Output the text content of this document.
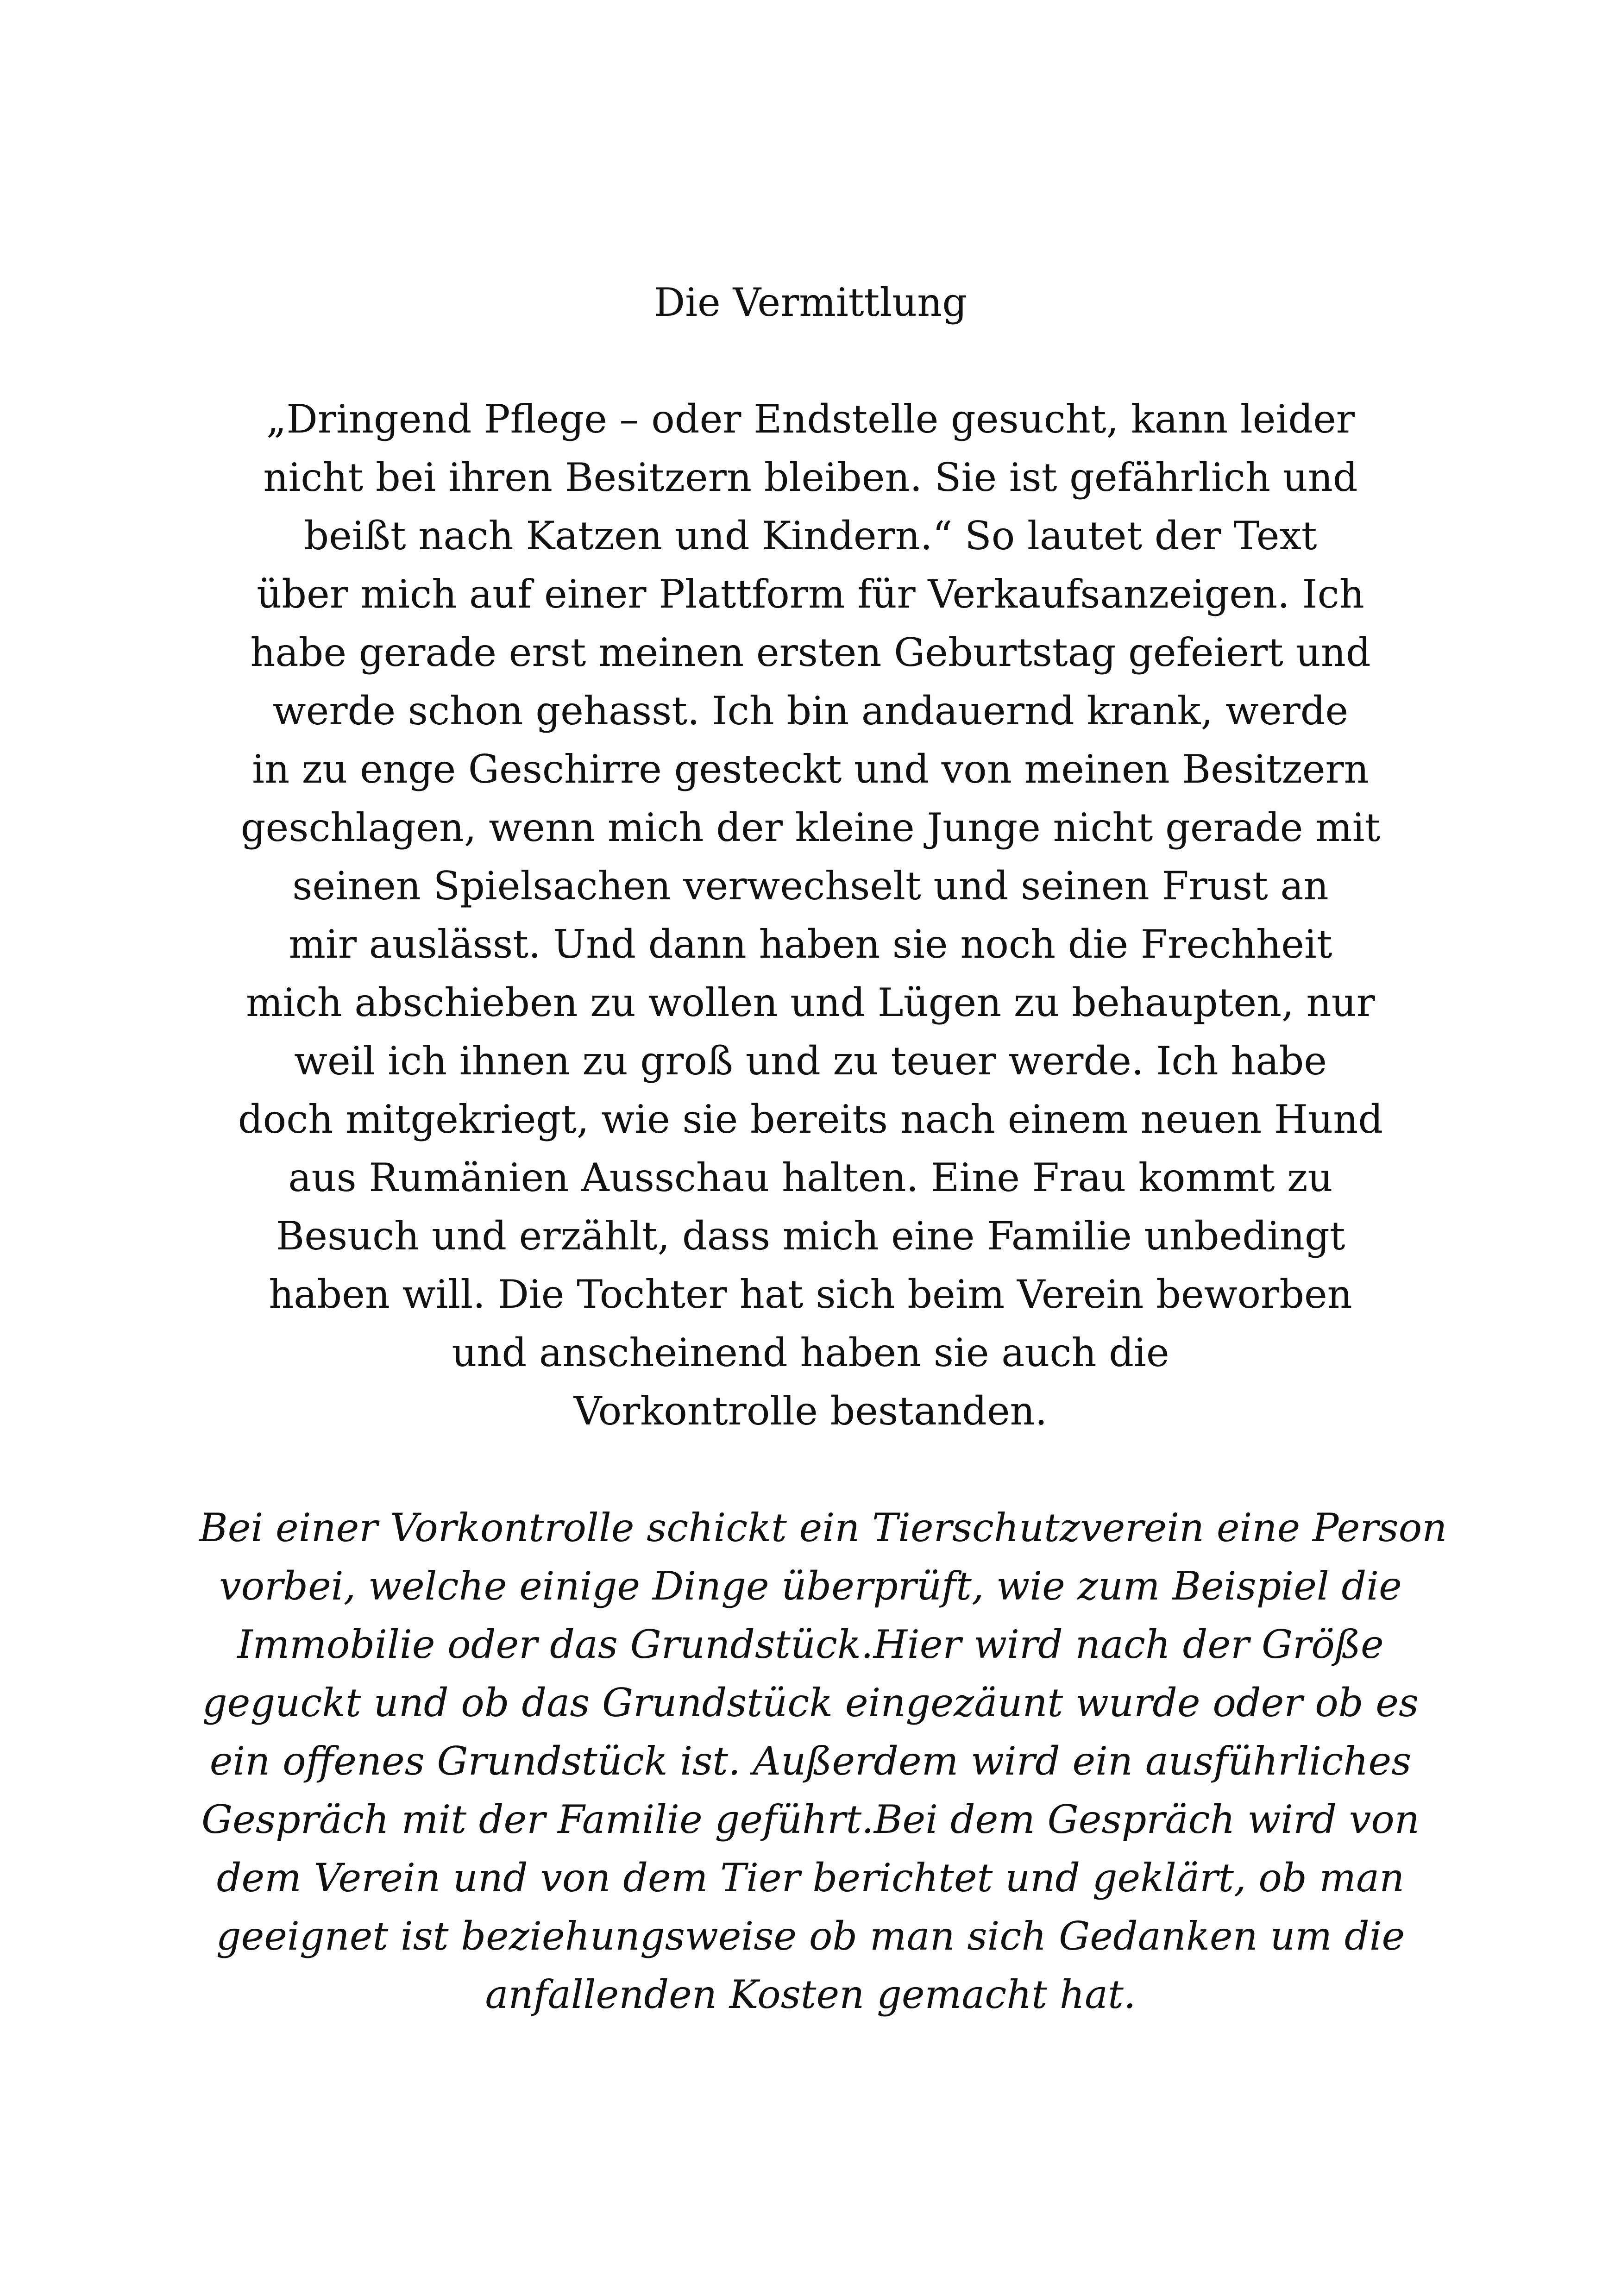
Die Vermittlung

„Dringend Pflege – oder Endstelle gesucht, kann leider
nicht bei ihren Besitzern bleiben. Sie ist gefährlich und
beißt nach Katzen und Kindern.“ So lautet der Text
über mich auf einer Plattform für Verkaufsanzeigen. Ich
habe gerade erst meinen ersten Geburtstag gefeiert und
werde schon gehasst. Ich bin andauernd krank, werde
in zu enge Geschirre gesteckt und von meinen Besitzern
geschlagen, wenn mich der kleine Junge nicht gerade mit
seinen Spielsachen verwechselt und seinen Frust an
mir auslässt. Und dann haben sie noch die Frechheit
mich abschieben zu wollen und Lügen zu behaupten, nur
weil ich ihnen zu groß und zu teuer werde. Ich habe
doch mitgekriegt, wie sie bereits nach einem neuen Hund
aus Rumänien Ausschau halten. Eine Frau kommt zu
Besuch und erzählt, dass mich eine Familie unbedingt
haben will. Die Tochter hat sich beim Verein beworben
und anscheinend haben sie auch die
Vorkontrolle bestanden.

Bei einer Vorkontrolle schickt ein Tierschutzverein eine Person
vorbei, welche einige Dinge überprüft, wie zum Beispiel die
Immobilie oder das Grundstück.Hier wird nach der Größe
geguckt und ob das Grundstück eingezäunt wurde oder ob es
ein offenes Grundstück ist. Außerdem wird ein ausführliches
Gespräch mit der Familie geführt.Bei dem Gespräch wird von
dem Verein und von dem Tier berichtet und geklärt, ob man
geeignet ist beziehungsweise ob man sich Gedanken um die
anfallenden Kosten gemacht hat.
